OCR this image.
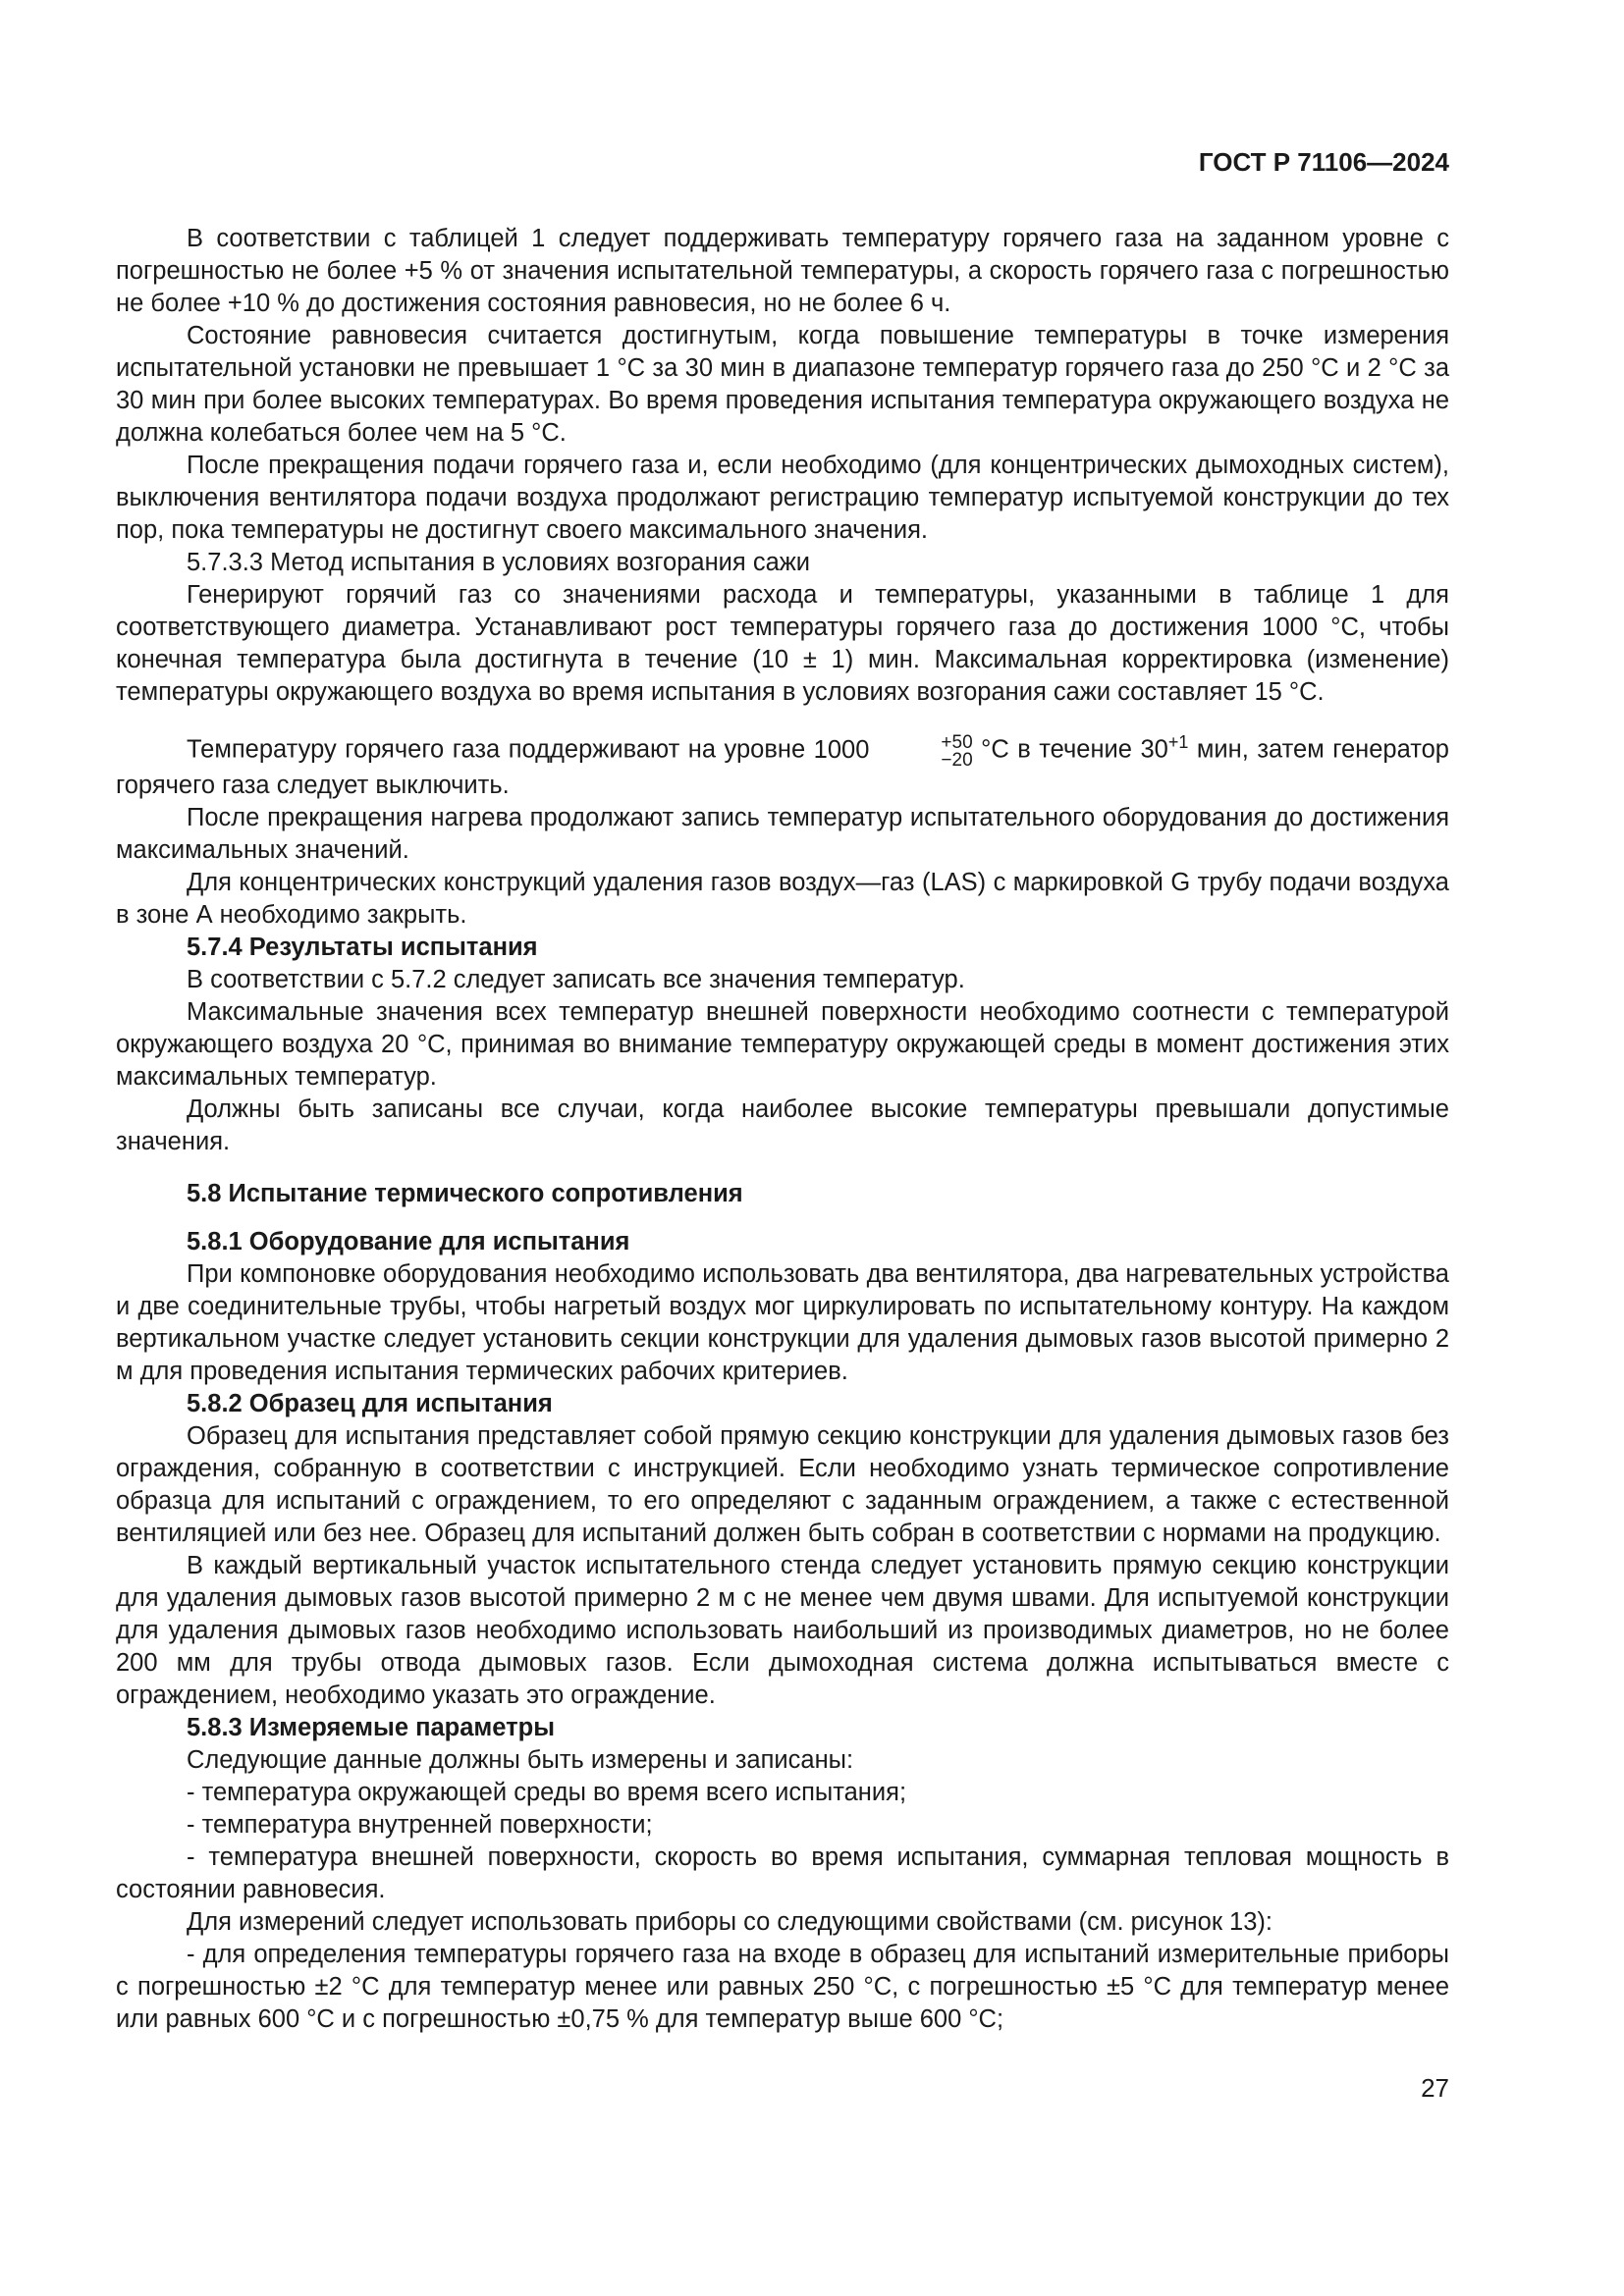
ГОСТ Р 71106—2024

В соответствии с таблицей 1 следует поддерживать температуру горячего газа на заданном уровне с погрешностью не более +5 % от значения испытательной температуры, а скорость горячего газа с погрешностью не более +10 % до достижения состояния равновесия, но не более 6 ч.

Состояние равновесия считается достигнутым, когда повышение температуры в точке измерения испытательной установки не превышает 1 °С за 30 мин в диапазоне температур горячего газа до 250 °С и 2 °С за 30 мин при более высоких температурах. Во время проведения испытания температура окружающего воздуха не должна колебаться более чем на 5 °С.

После прекращения подачи горячего газа и, если необходимо (для концентрических дымоходных систем), выключения вентилятора подачи воздуха продолжают регистрацию температур испытуемой конструкции до тех пор, пока температуры не достигнут своего максимального значения.

5.7.3.3 Метод испытания в условиях возгорания сажи

Генерируют горячий газ со значениями расхода и температуры, указанными в таблице 1 для соответствующего диаметра. Устанавливают рост температуры горячего газа до достижения 1000 °С, чтобы конечная температура была достигнута в течение (10 ± 1) мин. Максимальная корректировка (изменение) температуры окружающего воздуха во время испытания в условиях возгорания сажи составляет 15 °С.

Температуру горячего газа поддерживают на уровне 1000	+50
−20 °С в течение $30^{+1}$ мин, затем генератор горячего газа следует выключить.

После прекращения нагрева продолжают запись температур испытательного оборудования до достижения максимальных значений.

Для концентрических конструкций удаления газов воздух—газ (LAS) с маркировкой G трубу подачи воздуха в зоне А необходимо закрыть.

5.7.4 Результаты испытания

В соответствии с 5.7.2 следует записать все значения температур.

Максимальные значения всех температур внешней поверхности необходимо соотнести с температурой окружающего воздуха 20 °С, принимая во внимание температуру окружающей среды в момент достижения этих максимальных температур.

Должны быть записаны все случаи, когда наиболее высокие температуры превышали допустимые значения.

5.8 Испытание термического сопротивления

5.8.1 Оборудование для испытания

При компоновке оборудования необходимо использовать два вентилятора, два нагревательных устройства и две соединительные трубы, чтобы нагретый воздух мог циркулировать по испытательному контуру. На каждом вертикальном участке следует установить секции конструкции для удаления дымовых газов высотой примерно 2 м для проведения испытания термических рабочих критериев.

5.8.2 Образец для испытания

Образец для испытания представляет собой прямую секцию конструкции для удаления дымовых газов без ограждения, собранную в соответствии с инструкцией. Если необходимо узнать термическое сопротивление образца для испытаний с ограждением, то его определяют с заданным ограждением, а также с естественной вентиляцией или без нее. Образец для испытаний должен быть собран в соответствии с нормами на продукцию.

В каждый вертикальный участок испытательного стенда следует установить прямую секцию конструкции для удаления дымовых газов высотой примерно 2 м с не менее чем двумя швами. Для испытуемой конструкции для удаления дымовых газов необходимо использовать наибольший из производимых диаметров, но не более 200 мм для трубы отвода дымовых газов. Если дымоходная система должна испытываться вместе с ограждением, необходимо указать это ограждение.

5.8.3 Измеряемые параметры

Следующие данные должны быть измерены и записаны:

- температура окружающей среды во время всего испытания;

- температура внутренней поверхности;

- температура внешней поверхности, скорость во время испытания, суммарная тепловая мощность в состоянии равновесия.

Для измерений следует использовать приборы со следующими свойствами (см. рисунок 13):

- для определения температуры горячего газа на входе в образец для испытаний измерительные приборы с погрешностью ±2 °С для температур менее или равных 250 °С, с погрешностью ±5 °С для температур менее или равных 600 °С и с погрешностью ±0,75 % для температур выше 600 °С;

27
